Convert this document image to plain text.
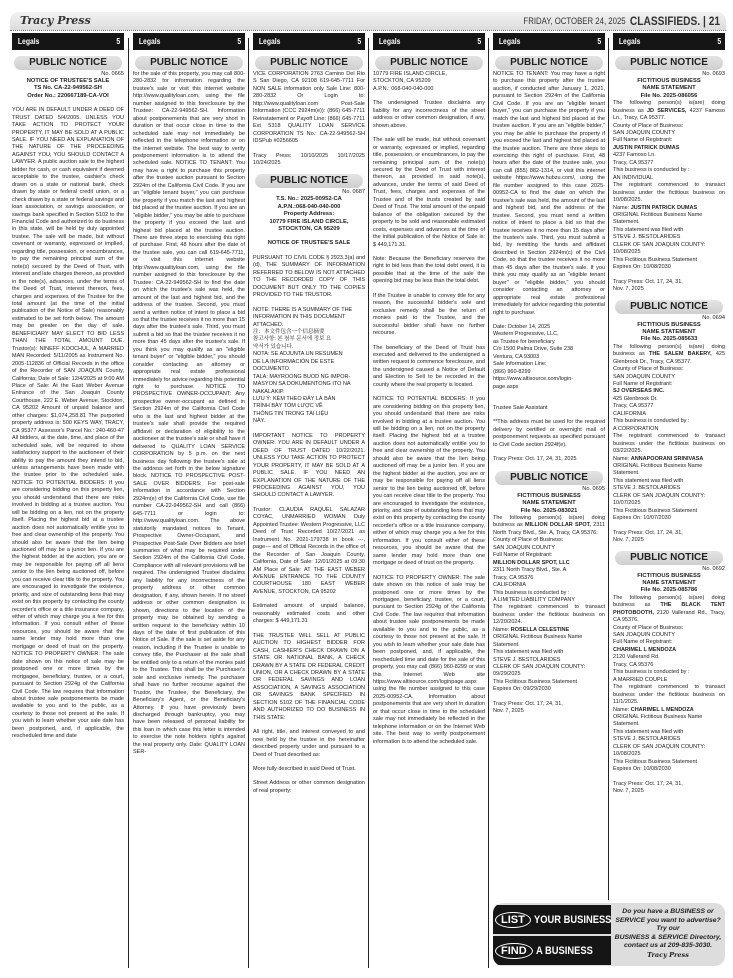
Tracy Press	FRIDAY, OCTOBER 24, 2025 CLASSIFIEDS. | 21
Legals	5
PUBLIC NOTICE
No. 0665
NOTICE OF TRUSTEE'S SALE
TS No. CA-22-949562-SH
Order No.: 220667189-CA-VOI
YOU ARE IN DEFAULT UNDER A DEED OF TRUST DATED 5/4/2005. UNLESS YOU TAKE ACTION TO PROTECT YOUR PROPERTY, IT MAY BE SOLD AT A PUBLIC SALE. IF YOU NEED AN EXPLANATION OF THE NATURE OF THE PROCEEDING AGAINST YOU, YOU SHOULD CONTACT A LAWYER. A public auction sale to the highest bidder for cash, or cash equivalent if deemed acceptable to the trustee, cashier's check drawn on a state or national bank, check drawn by state or federal credit union, or a check drawn by a state or federal savings and loan association, or savings association, or savings bank specified in Section 5102 to the Financial Code and authorized to do business in this state, will be held by duly appointed trustee. The sale will be made, but without covenant or warranty, expressed or implied, regarding title, possession, or encumbrances, to pay the remaining principal sum of the note(s) secured by the Deed of Trust, with interest and late charges thereon, as provided in the note(s), advances, under the terms of the Deed of Trust, interest thereon, fees, charges and expenses of the Trustee for the total amount (at the time of the initial publication of the Notice of Sale) reasonably estimated to be set forth below. The amount may be greater on the day of sale. BENEFICIARY MAY ELECT TO BID LESS THAN THE TOTAL AMOUNT DUE. Trustor(s): NINEFF KOOCHUL, A MARRIED MAN Recorded: 5/11/2005 as Instrument No. 2005-112836 of Official Records in the office of the Recorder of SAN JOAQUIN County, California; Date of Sale: 12/4/2025 at 9:00 AM Place of Sale: At the East Weber Avenue Entrance of the San Joaquin County Courthouse, 222 E. Weber Avenue, Stockton, CA 95202 Amount of unpaid balance and other charges: $1,074,258.81 The purported property address is: 500 KEYS WAY, TRACY, CA 95377 Assessor's Parcel No.: 240-460-47 All bidders, at the date, time, and place of the scheduled sale, will be required to show satisfactory support to the auctioneer of their ability to pay the amount they intend to bid, unless arrangements have been made with the trustee prior to the scheduled sale. NOTICE TO POTENTIAL BIDDERS: If you are considering bidding on this property lien, you should understand that there are risks involved in bidding at a trustee auction. You will be bidding on a lien, not on the property itself. Placing the highest bid at a trustee auction does not automatically entitle you to free and clear ownership of the property. You should also be aware that the lien being auctioned off may be a junior lien. If you are the highest bidder at the auction, you are or may be responsible for paying off all liens senior to the lien being auctioned off, before you can receive clear title to the property. You are encouraged to investigate the existence, priority, and size of outstanding liens that may exist on this property by contacting the county recorder's office or a title insurance company, either of which may charge you a fee for this information. If you consult either of these resources, you should be aware that the same lender may hold more than one mortgage or deed of trust on the property. NOTICE TO PROPERTY OWNER: The sale date shown on this notice of sale may be postponed one or more times by the mortgagee, beneficiary, trustee, or a court, pursuant to Section 2924g of the California Civil Code. The law requires that information about trustee sale postponements be made available to you and to the public, as a courtesy to those not present at the sale. If you wish to learn whether your sale date has been postponed, and, if applicable, the rescheduled time and date
Legals	5
PUBLIC NOTICE
for the sale of this property, you may call 800-280-2832 for information regarding the trustee's sale or visit this internet website http://www.qualityloan.com, using the file number assigned to this foreclosure by the Trustee: CA-22-949562-SH. Information about postponements that are very short in duration or that occur close in time to the scheduled sale may not immediately be reflected in the telephone information or on the internet website. The best way to verify postponement information is to attend the scheduled sale. NOTICE TO TENANT: You may have a right to purchase this property after the trustee auction pursuant to Section 2924m of the California Civil Code. If you are an "eligible tenant buyer," you can purchase the property if you match the last and highest bid placed at the trustee auction. If you are an "eligible bidder," you may be able to purchase the property if you exceed the last and highest bid placed at the trustee auction. There are three steps to exercising this right of purchase. First, 48 hours after the date of the trustee sale, you can call 619-645-7711, or visit this internet website http://www.qualityloan.com, using the file number assigned to this foreclosure by the Trustee: CA-22-949562-SH to find the date on which the trustee's sale was held, the amount of the last and highest bid, and the address of the trustee. Second, you must send a written notice of intent to place a bid so that the trustee receives it no more than 15 days after the trustee's sale. Third, you must submit a bid so that the trustee receives it no more than 45 days after the trustee's sale. If you think you may qualify as an "eligible tenant buyer" or "eligible bidder," you should consider contacting an attorney or appropriate real estate professional immediately for advice regarding this potential right to purchase. NOTICE TO PROSPECTIVE OWNER-OCCUPANT: Any prospective owner-occupant as defined in Section 2924m of the California Civil Code who is the last and highest bidder at the trustee's sale shall provide the required affidavit or declaration of eligibility to the auctioneer at the trustee's sale or shall have it delivered to QUALITY LOAN SERVICE CORPORATION by 5 p.m. on the next business day following the trustee's sale at the address set forth in the below signature block. NOTICE TO PROSPECTIVE POST-SALE OVER BIDDERS: For post-sale information in accordance with Section 2924m(e) of the California Civil Code, use file number CA-22-949562-SH and call (866) 645-7711 or login to: http://www.qualityloan.com. The above statutorily mandated notices to Tenant, Prospective Owner-Occupant, and Prospective Post-Sale Over Bidders are brief summaries of what may be required under Section 2924m of the California Civil Code. Compliance with all relevant provisions will be required. The undersigned Trustee disclaims any liability for any incorrectness of the property address or other common designation, if any, shown herein. If no street address or other common designation is shown, directions to the location of the property may be obtained by sending a written request to the beneficiary within 10 days of the date of first publication of this Notice of Sale. If the sale is set aside for any reason, including if the Trustee is unable to convey title, the Purchaser at the sale shall be entitled only to a return of the monies paid to the Trustee. This shall be the Purchaser's sole and exclusive remedy. The purchaser shall have no further recourse against the Trustor, the Trustee, the Beneficiary, the Beneficiary's Agent, or the Beneficiary's Attorney. If you have previously been discharged through bankruptcy, you may have been released of personal liability for this loan in which case this letter is intended to exercise the note holders right's against the real property only. Date: QUALITY LOAN SER-
Legals	5
PUBLIC NOTICE
VICE CORPORATION 2763 Camino Del Rio S San Diego, CA 92108 619-645-7711 For NON SALE information only Sale Line: 800-280-2832 Or Login to: http://www.qualityloan.com Post-Sale Information (CCC 2924m(e)): (866) 645-7711 Reinstatement or Payoff Line: (866) 645-7711 Ext 5318 QUALITY LOAN SERVICE CORPORATION TS No.: CA-22-949562-SH IDSPub #0256605
Tracy Press: 10/10/2025 10/17/2025 10/24/2025
PUBLIC NOTICE
No. 0687
T.S. No.: 2025-00952-CA
A.P.N.:068-040-040-000
Property Address:
10779 FIRE ISLAND CIRCLE,
STOCKTON, CA 95209
NOTICE OF TRUSTEE'S SALE
PURSUANT TO CIVIL CODE § 2923.3(a) and (d), THE SUMMARY OF INFORMATION REFERRED TO BELOW IS NOT ATTACHED TO THE RECORDED COPY OF THIS DOCUMENT BUT ONLY TO THE COPIES PROVIDED TO THE TRUSTOR.
NOTE: THERE IS A SUMMARY OF THE
INFORMATION IN THIS DOCUMENT
ATTACHED.
注：本文件包含一个信息摘要
참고사항: 본 첨부 문서에 정보 요
약서가 있습니다.
NOTA: SE ADJUNTA UN RESUMEN
DE LA INFORMACIÓN DE ESTE
DOCUMENTO.
TALA: MAYROONG BUOD NG IMPOR-
MASYON SA DOKUMENTONG ITO NA
NAKALAKIP.
LƯU Ý: KÈM THEO ĐÂY LÀ BẢN
TRÌNH BÀY TÓM LƯỢC VỀ
THÔNG TIN TRONG TÀI LIỆU
NÀY.
IMPORTANT NOTICE TO PROPERTY OWNER: YOU ARE IN DEFAULT UNDER A DEED OF TRUST DATED 10/22/2021. UNLESS YOU TAKE ACTION TO PROTECT YOUR PROPERTY, IT MAY BE SOLD AT A PUBLIC SALE. IF YOU NEED AN EXPLANATION OF THE NATURE OF THE PROCEEDING AGAINST YOU, YOU SHOULD CONTACT A LAWYER.
Trustor: CLAUDIA RAQUEL SALAZAR COYAC, UNMARRIED WOMAN Duly Appointed Trustee: Western Progressive, LLC Deed of Trust Recorded 10/27/2021 as Instrument No. 2021-179738 in book ---, page--- and of Official Records in the office of the Recorder of San Joaquin County, California, Date of Sale: 12/01/2025 at 09:30 AM Place of Sale: AT THE EAST WEBER AVENUE ENTRANCE TO THE COUNTY COURTHOUSE 180 EAST WEBER AVENUE, STOCKTON, CA 95202
Estimated amount of unpaid balance, reasonably estimated costs and other charges: $ 449,171.31
THE TRUSTEE WILL SELL AT PUBLIC AUCTION TO HIGHEST BIDDER FOR CASH, CASHIER'S CHECK DRAWN ON A STATE OR NATIONAL BANK, A CHECK DRAWN BY A STATE OR FEDERAL CREDIT UNION, OR A CHECK DRAWN BY A STATE OR FEDERAL SAVINGS AND LOAN ASSOCIATION, A SAVINGS ASSOCIATION OR SAVINGS BANK SPECIFIED IN SECTION 5102 OF THE FINANCIAL CODE AND AUTHORIZED TO DO BUSINESS IN THIS STATE:
All right, title, and interest conveyed to and now held by the trustee in the hereinafter described property under and pursuant to a Deed of Trust described as:
More fully described in said Deed of Trust.
Street Address or other common designation of real property:
Legals	5
PUBLIC NOTICE
10779 FIRE ISLAND CIRCLE,
STOCKTON, CA 95209
A.P.N.: 068-040-040-000
The undersigned Trustee disclaims any liability for any incorrectness of the street address or other common designation, if any, shown above.
The sale will be made, but without covenant or warranty, expressed or implied, regarding title, possession, or encumbrances, to pay the remaining principal sum of the note(s) secured by the Deed of Trust with interest thereon, as provided in said note(s), advances, under the terms of said Deed of Trust, fees, charges and expenses of the Trustee and of the trusts created by said Deed of Trust. The total amount of the unpaid balance of the obligation secured by the property to be sold and reasonable estimated costs, expenses and advances at the time of the initial publication of the Notice of Sale is: $ 449,171.31.
Note: Because the Beneficiary reserves the right to bid less than the total debt owed, it is possible that at the time of the sale the opening bid may be less than the total debt.
If the Trustee is unable to convey title for any reason, the successful bidder's sole and exclusive remedy shall be the return of monies paid to the Trustee, and the successful bidder shall have no further recourse.
The beneficiary of the Deed of Trust has executed and delivered to the undersigned a written request to commence foreclosure, and the undersigned caused a Notice of Default and Election to Sell to be recorded in the county where the real property is located.
NOTICE TO POTENTIAL BIDDERS: If you are considering bidding on this property lien, you should understand that there are risks involved in bidding at a trustee auction. You will be bidding on a lien, not on the property itself. Placing the highest bid at a trustee auction does not automatically entitle you to free and clear ownership of the property. You should also be aware that the lien being auctioned off may be a junior lien. If you are the highest bidder at the auction, you are or may be responsible for paying off all liens senior to the lien being auctioned off, before you can receive clear title to the property. You are encouraged to investigate the existence, priority, and size of outstanding liens that may exist on this property by contacting the county recorder's office or a title insurance company, either of which may charge you a fee for this information. If you consult either of these resources, you should be aware that the same lender may hold more than one mortgage or deed of trust on the property.
NOTICE TO PROPERTY OWNER: The sale date shown on this notice of sale may be postponed one or more times by the mortgagee, beneficiary, trustee, or a court, pursuant to Section 2924g of the California Civil Code. The law requires that information about trustee sale postponements be made available to you and to the public, as a courtesy to those not present at the sale. If you wish to learn whether your sale date has been postponed, and, if applicable, the rescheduled time and date for the sale of this property, you may call (866) 960-8299 or visit this Internet Web site https://www.altisource.com/loginpage.aspx using the file number assigned to this case 2025-00952-CA. Information about postponements that are very short in duration or that occur close in time to the scheduled sale may not immediately be reflected in the telephone information or on the Internet Web site. The best way to verify postponement information is to attend the scheduled sale.
Legals	5
PUBLIC NOTICE
NOTICE TO TENANT: You may have a right to purchase this property after the trustee auction, if conducted after January 1, 2021, pursuant to Section 2924m of the California Civil Code. If you are an "eligible tenant buyer," you can purchase the property if you match the last and highest bid placed at the trustee auction. If you are an "eligible bidder," you may be able to purchase the property if you exceed the last and highest bid placed at the trustee auction. There are three steps to exercising this right of purchase. First, 48 hours after the date of the trustee sale, you can call (855) 882-1314, or visit this internet website https://www.hubzu.com/, using the file number assigned to this case 2025-00952-CA to find the date on which the trustee's sale was held, the amount of the last and highest bid, and the address of the trustee. Second, you must send a written notice of intent to place a bid so that the trustee receives it no more than 15 days after the trustee's sale. Third, you must submit a bid, by remitting the funds and affidavit described in Section 2924m(c) of the Civil Code, so that the trustee receives it no more than 45 days after the trustee's sale. If you think you may qualify as an "eligible tenant buyer" or "eligible bidder," you should consider contacting an attorney or appropriate real estate professional immediately for advice regarding this potential right to purchase.
Date: October 14, 2025
Western Progressive, LLC,
as Trustee for beneficiary
C/o 1500 Palma Drive, Suite 238
Ventura, CA 93003
Sale Information Line:
(866) 960-8299
https://www.altisource.com/login-
page.aspx
Trustee Sale Assistant
**This address must be used for the required delivery by certified or overnight mail of postponement requests as specified pursuant to Civil Code section 2924f(e).
Tracy Press: Oct. 17, 24, 31, 2025
PUBLIC NOTICE
No. 0695
FICTITIOUS BUSINESS
NAME STATEMENT
File No. 2025-083021
The following person(s) is(are) doing business as MILLION DOLLAR SPOT, 2311 North Tracy Blvd., Ste. A, Tracy, CA 95376.
County of Place of Business:
SAN JOAQUIN COUNTY
Full Name of Registrant:
MILLION DOLLAR SPOT, LLC
2311 North Tracy Blvd., Ste. A
Tracy, CA 95376
CALIFORNIA
This business is conducted by :
A LIMITED LIABILITY COMPANY
The registrant commenced to transact business under the fictitious business on 12/20/2024.
Name: ROSELLA CELESTINE
ORIGINAL Fictitious Business Name
Statement.
This statement was filed with
STEVE J. BESTOLARIDES
CLERK OF SAN JOAQUIN COUNTY:
09/29/2025
This Fictitious Business Statement
Expires On: 09/29/2030
Tracy Press: Oct. 17, 24, 31,
Nov. 7, 2025
Legals	5
PUBLIC NOTICE
No. 0693
FICTITIOUS BUSINESS
NAME STATEMENT
File No. 2025-086056
The following person(s) is(are) doing business as JD SERVICES, 4237 Famoso Ln., Tracy, CA 95377.
County of Place of Business:
SAN JOAQUIN COUNTY
Full Name of Registrant:
JUSTIN PATRICK DUMAS
4237 Famoso Ln.
Tracy, CA 95377
This business is conducted by :
AN INDIVIDUAL
The registrant commenced to transact business under the fictitious business on 10/08/2025.
Name: JUSTIN PATRICK DUMAS
ORIGINAL Fictitious Business Name
Statement.
This statement was filed with
STEVE J. BESTOLARIDES
CLERK OF SAN JOAQUIN COUNTY:
10/08/2025
This Fictitious Business Statement
Expires On: 10/08/2030
Tracy Press: Oct. 17, 24, 31,
Nov. 7, 2025
PUBLIC NOTICE
No. 0694
FICTITIOUS BUSINESS
NAME STATEMENT
File No. 2025-085633
The following person(s) is(are) doing business as THE SALEM BAKERY, 425 Glenbrook Dr., Tracy, CA 95377.
County of Place of Business:
SAN JOAQUIN COUNTY
Full Name of Registrant:
SJ OVERSEAS INC.
425 Glenbrook Dr.
Tracy, CA 95377
CALIFORNIA
This business is conducted by :
A CORPORATION
The registrant commenced to transact business under the fictitious business on 03/22/2025.
Name: ANNAPOORANI SRINIVASA
ORIGINAL Fictitious Business Name
Statement.
This statement was filed with
STEVE J. BESTOLARIDES
CLERK OF SAN JOAQUIN COUNTY:
10/07/2025
This Fictitious Business Statement
Expires On: 10/07/2030
Tracy Press: Oct. 17, 24, 31,
Nov. 7, 2025
PUBLIC NOTICE
No. 0692
FICTITIOUS BUSINESS
NAME STATEMENT
File No. 2025-085786
The following person(s) is(are) doing business as THE BLACK TENT PHOTOBOOTH, 2120 Vallerand Rd., Tracy, CA 95376.
County of Place of Business:
SAN JOAQUIN COUNTY
Full Name of Registrant:
CHARIMEL L MENDOZA
2120 Vallerand Rd.
Tracy, CA 95376
This business is conducted by :
A MARRIED COUPLE
The registrant commenced to transact business under the fictitious business on 11/1/2025.
Name: CHARIMEL L MENDOZA
ORIGINAL Fictitious Business Name
Statement.
This statement was filed with
STEVE J. BESTOLARIDES
CLERK OF SAN JOAQUIN COUNTY:
10/08/2025
This Fictitious Business Statement
Expires On: 10/08/2030
Tracy Press: Oct. 17, 24, 31,
Nov. 7, 2025
LIST YOUR BUSINESS
FIND A BUSINESS
Do you have a BUSINESS or
SERVICE you want to advertise?
Try our
BUSINESS & SERVICE Directory,
contact us at 209-835-3030.
Tracy Press
